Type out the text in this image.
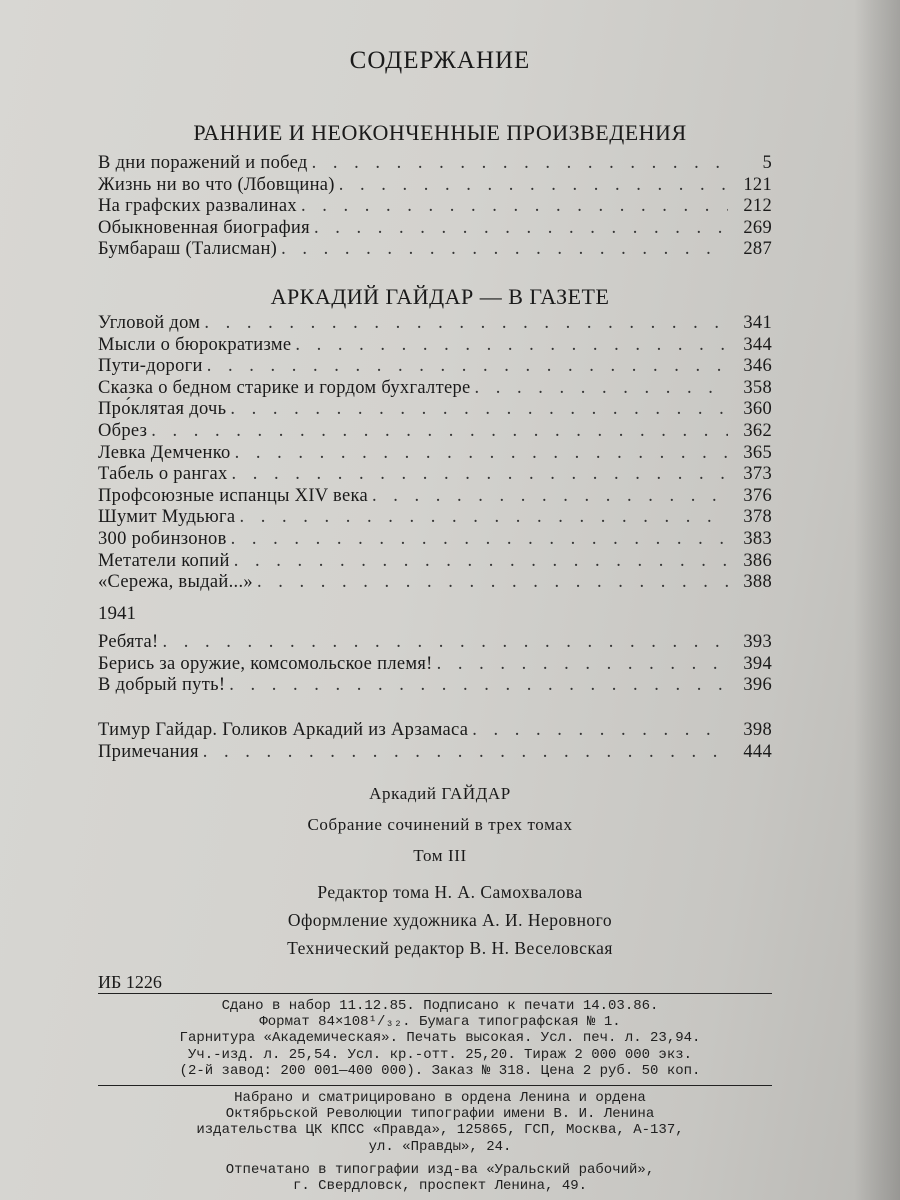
СОДЕРЖАНИЕ
РАННИЕ И НЕОКОНЧЕННЫЕ ПРОИЗВЕДЕНИЯ
В дни поражений и побед . . .	5
Жизнь ни во что (Лбовщина) . . .	121
На графских развалинах . . .	212
Обыкновенная биография . . .	269
Бумбараш (Талисман) . . .	287
АРКАДИЙ ГАЙДАР — В ГАЗЕТЕ
Угловой дом . . .	341
Мысли о бюрократизме . . .	344
Пути-дороги . . .	346
Сказка о бедном старике и гордом бухгалтере . . .	358
Про́клятая дочь . . .	360
Обрез . . .	362
Левка Демченко . . .	365
Табель о рангах . . .	373
Профсоюзные испанцы XIV века . . .	376
Шумит Мудьюга . . .	378
300 робинзонов . . .	383
Метатели копий . . .	386
«Сережа, выдай...» . . .	388
1941
Ребята! . . .	393
Берись за оружие, комсомольское племя! . . .	394
В добрый путь! . . .	396
Тимур Гайдар. Голиков Аркадий из Арзамаса . . .	398
Примечания . . .	444
Аркадий ГАЙДАР
Собрание сочинений в трех томах
Том III
Редактор тома Н. А. Самохвалова
Оформление художника А. И. Неровного
Технический редактор В. Н. Веселовская
ИБ 1226
Сдано в набор 11.12.85. Подписано к печати 14.03.86.
Формат 84×108¹/₃₂. Бумага типографская № 1.
Гарнитура «Академическая». Печать высокая. Усл. печ. л. 23,94.
Уч.-изд. л. 25,54. Усл. кр.-отт. 25,20. Тираж 2 000 000 экз.
(2-й завод: 200 001—400 000). Заказ № 318. Цена 2 руб. 50 коп.
Набрано и сматрицировано в ордена Ленина и ордена
Октябрьской Революции типографии имени В. И. Ленина
издательства ЦК КПСС «Правда», 125865, ГСП, Москва, А-137,
ул. «Правды», 24.
Отпечатано в типографии изд-ва «Уральский рабочий»,
г. Свердловск, проспект Ленина, 49.
